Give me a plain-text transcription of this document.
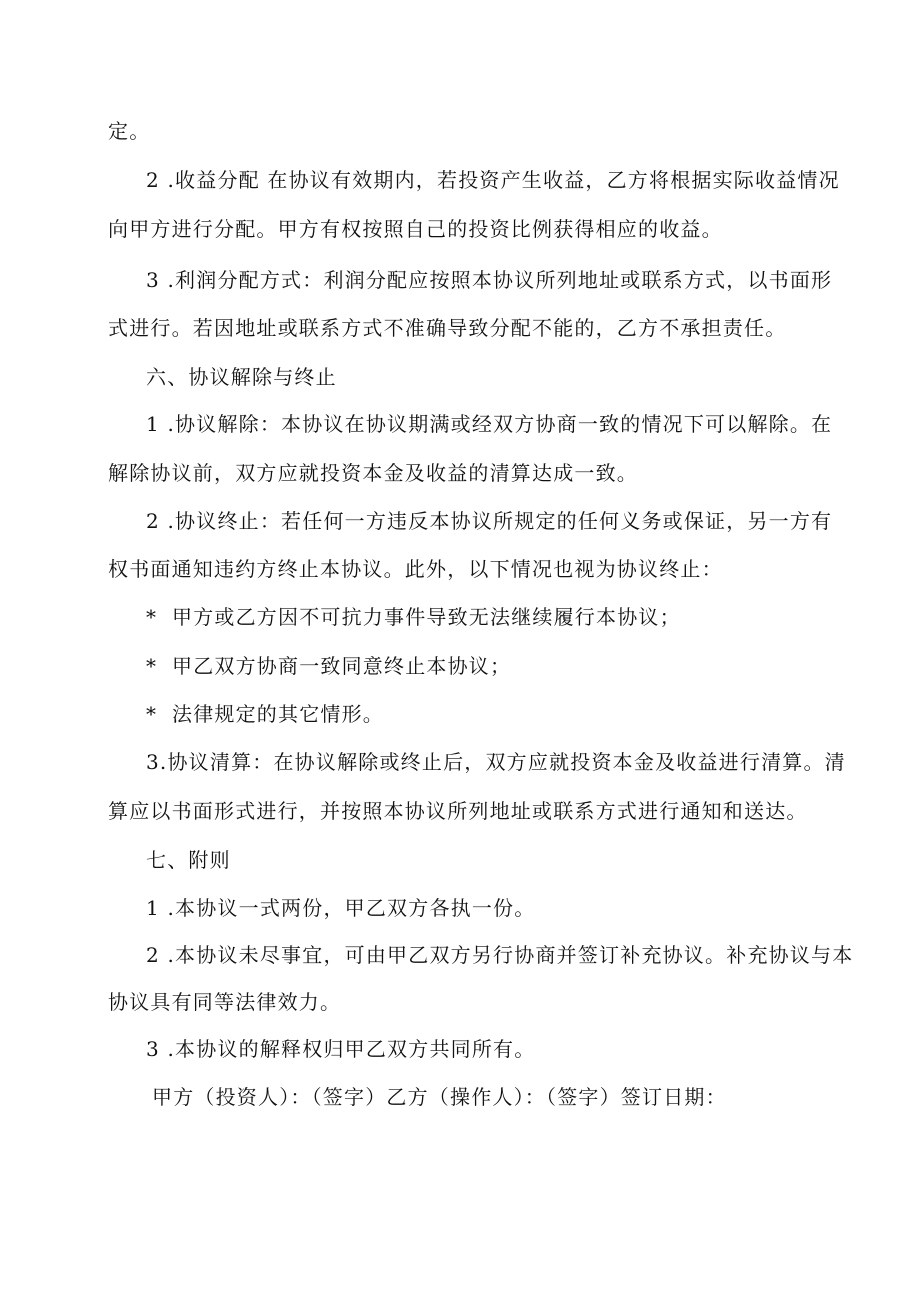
定。
2 .收益分配 在协议有效期内，若投资产生收益，乙方将根据实际收益情况
向甲方进行分配。甲方有权按照自己的投资比例获得相应的收益。
3 .利润分配方式：利润分配应按照本协议所列地址或联系方式，以书面形
式进行。若因地址或联系方式不准确导致分配不能的，乙方不承担责任。
六、协议解除与终止
1 .协议解除：本协议在协议期满或经双方协商一致的情况下可以解除。在
解除协议前，双方应就投资本金及收益的清算达成一致。
2 .协议终止：若任何一方违反本协议所规定的任何义务或保证，另一方有
权书面通知违约方终止本协议。此外，以下情况也视为协议终止：
* 甲方或乙方因不可抗力事件导致无法继续履行本协议；
* 甲乙双方协商一致同意终止本协议；
* 法律规定的其它情形。
3.协议清算：在协议解除或终止后，双方应就投资本金及收益进行清算。清
算应以书面形式进行，并按照本协议所列地址或联系方式进行通知和送达。
七、附则
1 .本协议一式两份，甲乙双方各执一份。
2 .本协议未尽事宜，可由甲乙双方另行协商并签订补充协议。补充协议与本
协议具有同等法律效力。
3 .本协议的解释权归甲乙双方共同所有。
甲方（投资人）：（签字）乙方（操作人）：（签字）签订日期：
